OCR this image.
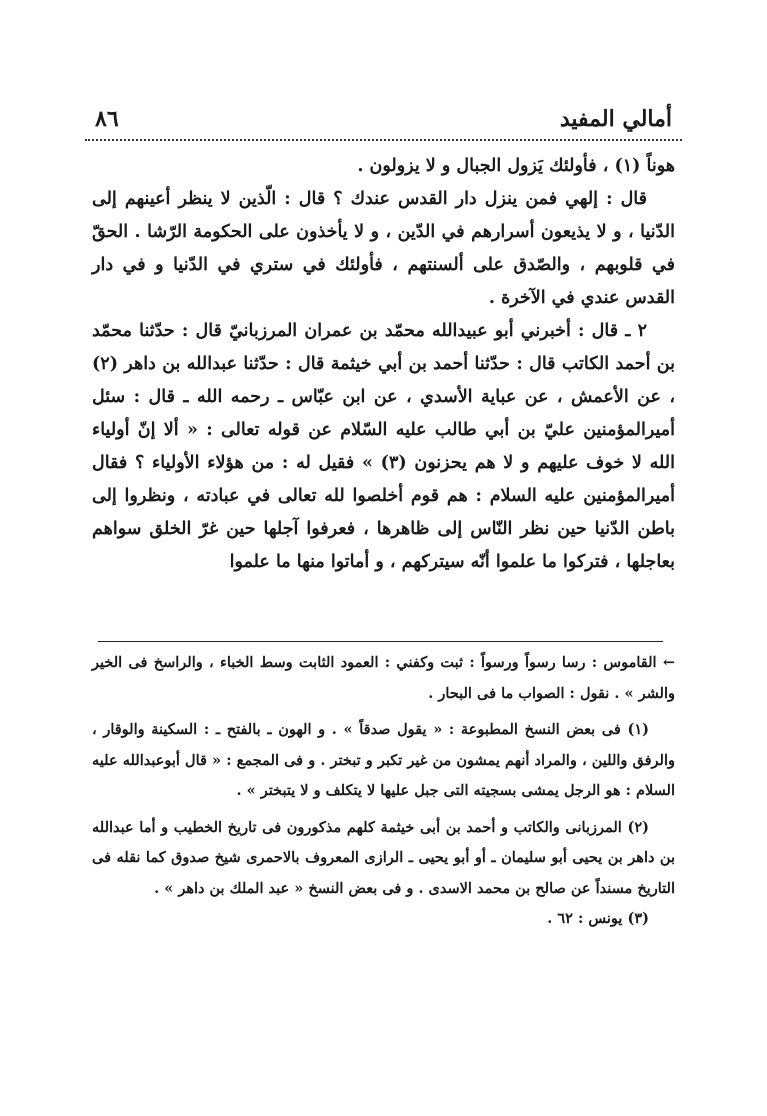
٨٦	أمالي المفيد

هوناً (١) ، فأولئك يَزول الجبال و لا يزولون .

قال : إلهي فمن ينزل دار القدس عندك ؟ قال : الّذين لا ينظر أعينهم إلى الدّنيا ، و لا يذيعون أسرارهم في الدّين ، و لا يأخذون على الحكومة الرّشا . الحقّ في قلوبهم ، والصّدق على ألسنتهم ، فأولئك في ستري في الدّنيا و في دار القدس عندي في الآخرة .

٢ ـ قال : أخبرني أبو عبيدالله محمّد بن عمران المرزبانيّ قال : حدّثنا محمّد بن أحمد الكاتب قال : حدّثنا أحمد بن أبي خيثمة قال : حدّثنا عبدالله بن داهر (٢) ، عن الأعمش ، عن عباية الأسدي ، عن ابن عبّاس ـ رحمه الله ـ قال : سئل أميرالمؤمنين عليّ بن أبي طالب عليه السّلام عن قوله تعالى : « ألا إنّ أولياء الله لا خوف عليهم و لا هم يحزنون (٣) » فقيل له : من هؤلاء الأولياء ؟ فقال أميرالمؤمنين عليه السلام : هم قوم أخلصوا لله تعالى في عبادته ، ونظروا إلى باطن الدّنيا حين نظر النّاس إلى ظاهرها ، فعرفوا آجلها حين غرّ الخلق سواهم بعاجلها ، فتركوا ما علموا أنّه سيتركهم ، و أماتوا منها ما علموا

← القاموس : رسا رسواً ورسواً : ثبت وكفني : العمود الثابت وسط الخباء ، والراسخ فى الخير والشر » . نقول : الصواب ما فى البحار .

(١) فى بعض النسخ المطبوعة : « يقول صدقاً » . و الهون ـ بالفتح ـ : السكينة والوقار ، والرفق واللين ، والمراد أنهم يمشون من غير تكبر و تبختر . و فى المجمع : « قال أبوعبدالله عليه السلام : هو الرجل يمشى بسجيته التى جبل عليها لا يتكلف و لا يتبختر » .

(٢) المرزبانى والكاتب و أحمد بن أبى خيثمة كلهم مذكورون فى تاريخ الخطيب و أما عبدالله بن داهر بن يحيى أبو سليمان ـ أو أبو يحيى ـ الرازى المعروف بالاحمرى شيخ صدوق كما نقله فى التاريخ مسنداً عن صالح بن محمد الاسدى . و فى بعض النسخ « عبد الملك بن داهر » .

(٣) يونس : ٦٢ .
